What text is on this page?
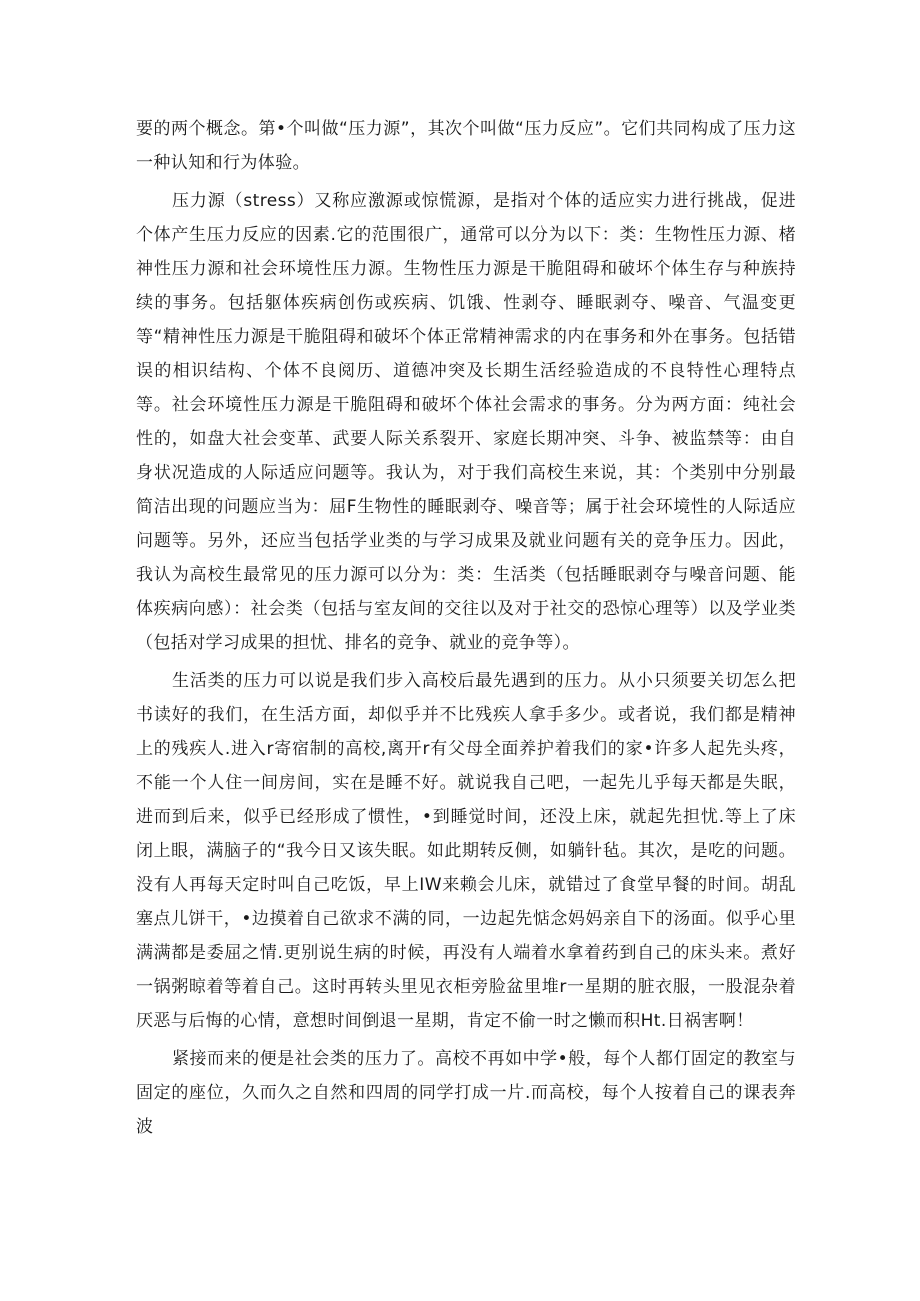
要的两个概念。第•个叫做“压力源”，其次个叫做“压力反应”。它们共同构成了压力这一种认知和行为体验。

压力源（stress）又称应激源或惊慌源，是指对个体的适应实力进行挑战，促进个体产生压力反应的因素.它的范围很广，通常可以分为以下：类：生物性压力源、楮神性压力源和社会环境性压力源。生物性压力源是干脆阻碍和破坏个体生存与种族持续的事务。包括躯体疾病创伤或疾病、饥饿、性剥夺、睡眠剥夺、噪音、气温变更等“精神性压力源是干脆阻碍和破坏个体正常精神需求的内在事务和外在事务。包括错误的相识结构、个体不良阅历、道德冲突及长期生活经验造成的不良特性心理特点等。社会环境性压力源是干脆阻碍和破坏个体社会需求的事务。分为两方面：纯社会性的，如盘大社会变革、武要人际关系裂开、家庭长期冲突、斗争、被监禁等：由自身状况造成的人际适应问题等。我认为，对于我们高校生来说，其：个类别中分别最简洁出现的问题应当为：屈F生物性的睡眠剥夺、噪音等；属于社会环境性的人际适应问题等。另外，还应当包括学业类的与学习成果及就业问题有关的竞争压力。因此，我认为高校生最常见的压力源可以分为：类：生活类（包括睡眠剥夺与噪音问题、能体疾病向感）：社会类（包括与室友间的交往以及对于社交的恐惊心理等）以及学业类（包括对学习成果的担忧、排名的竞争、就业的竞争等）。

生活类的压力可以说是我们步入高校后最先遇到的压力。从小只须要关切怎么把书读好的我们，在生活方面，却似乎并不比残疾人拿手多少。或者说，我们都是精神上的残疾人.进入r寄宿制的高校,离开r有父母全面养护着我们的家•许多人起先头疼，不能一个人住一间房间，实在是睡不好。就说我自己吧，一起先儿乎每天都是失眠，进而到后来，似乎已经形成了惯性，•到睡觉时间，还没上床，就起先担忧.等上了床闭上眼，满脑子的“我今日又该失眠。如此期转反侧，如躺针毡。其次，是吃的问题。没有人再每天定时叫自己吃饭，早上IW来赖会儿床，就错过了食堂早餐的时间。胡乱塞点儿饼干，•边摸着自己欲求不满的同，一边起先惦念妈妈亲自下的汤面。似乎心里满满都是委屈之情.更别说生病的时候，再没有人端着水拿着药到自己的床头来。煮好一锅粥晾着等着自己。这时再转头里见衣柜旁脸盆里堆r一星期的脏衣服，一股混杂着厌恶与后悔的心情，意想时间倒退一星期，肯定不偷一时之懒而积Ht.日祸害啊！

紧接而来的便是社会类的压力了。高校不再如中学•般，每个人都仃固定的教室与固定的座位，久而久之自然和四周的同学打成一片.而高校，每个人按着自己的课表奔波
